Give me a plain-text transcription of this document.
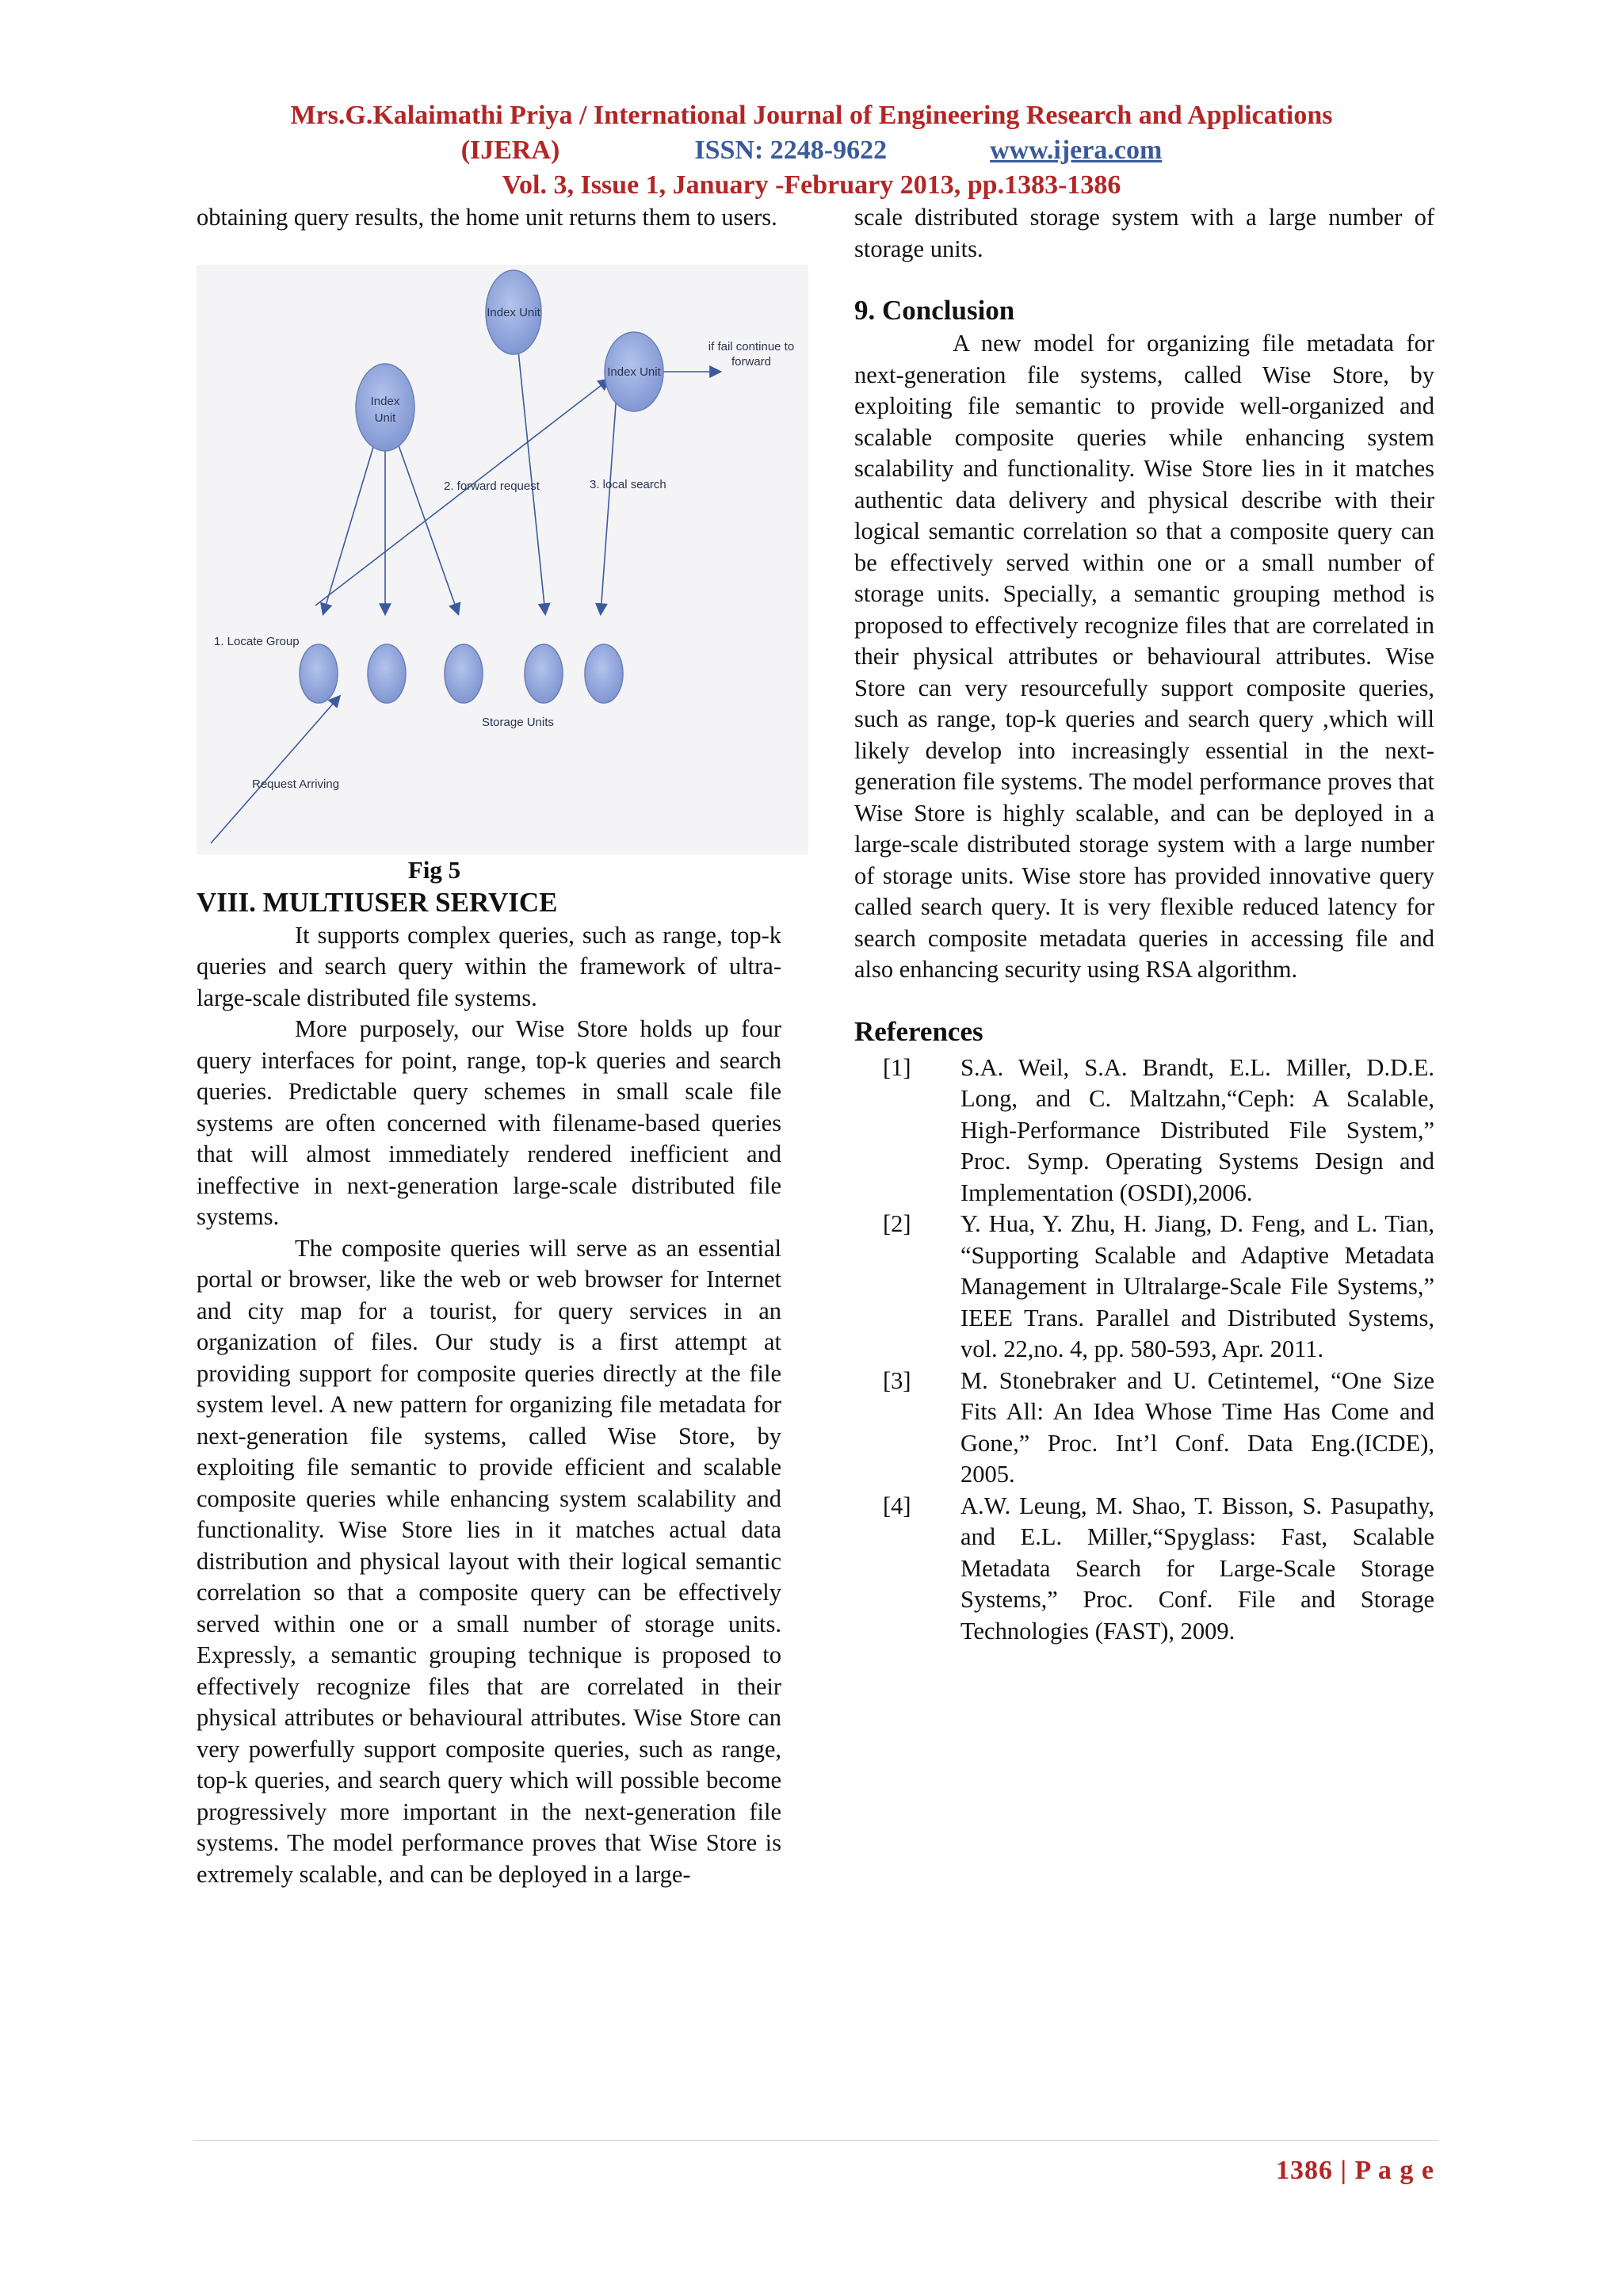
Mrs.G.Kalaimathi Priya / International Journal of Engineering Research and Applications
(IJERA)	ISSN: 2248-9622	www.ijera.com
Vol. 3, Issue 1, January -February 2013, pp.1383-1386

obtaining query results, the home unit returns them to users.

VIII. MULTIUSER SERVICE

It supports complex queries, such as range, top-k queries and search query within the framework of ultra-large-scale distributed file systems.

More purposely, our Wise Store holds up four query interfaces for point, range, top-k queries and search queries. Predictable query schemes in small scale file systems are often concerned with filename-based queries that will almost immediately rendered inefficient and ineffective in next-generation large-scale distributed file systems.

The composite queries will serve as an essential portal or browser, like the web or web browser for Internet and city map for a tourist, for query services in an organization of files. Our study is a first attempt at providing support for composite queries directly at the file system level. A new pattern for organizing file metadata for next-generation file systems, called Wise Store, by exploiting file semantic to provide efficient and scalable composite queries while enhancing system scalability and functionality. Wise Store lies in it matches actual data distribution and physical layout with their logical semantic correlation so that a composite query can be effectively served within one or a small number of storage units. Expressly, a semantic grouping technique is proposed to effectively recognize files that are correlated in their physical attributes or behavioural attributes. Wise Store can very powerfully support composite queries, such as range, top-k queries, and search query which will possible become progressively more important in the next-generation file systems. The model performance proves that Wise Store is extremely scalable, and can be deployed in a large-

Index Unit
Index
Unit
Index Unit
if fail continue to
forward
2. forward request	3. local search
1. Locate Group
Storage Units
Request Arriving
Fig 5

scale distributed storage system with a large number of storage units.

9. Conclusion

A new model for organizing file metadata for next-generation file systems, called Wise Store, by exploiting file semantic to provide well-organized and scalable composite queries while enhancing system scalability and functionality. Wise Store lies in it matches authentic data delivery and physical describe with their logical semantic correlation so that a composite query can be effectively served within one or a small number of storage units. Specially, a semantic grouping method is proposed to effectively recognize files that are correlated in their physical attributes or behavioural attributes. Wise Store can very resourcefully support composite queries, such as range, top-k queries and search query ,which will likely develop into increasingly essential in the next-generation file systems. The model performance proves that Wise Store is highly scalable, and can be deployed in a large-scale distributed storage system with a large number of storage units. Wise store has provided innovative query called search query. It is very flexible reduced latency for search composite metadata queries in accessing file and also enhancing security using RSA algorithm.

References
[1]	S.A. Weil, S.A. Brandt, E.L. Miller, D.D.E. Long, and C. Maltzahn,“Ceph: A Scalable, High-Performance Distributed File System,” Proc. Symp. Operating Systems Design and Implementation (OSDI),2006.
[2]	Y. Hua, Y. Zhu, H. Jiang, D. Feng, and L. Tian, “Supporting Scalable and Adaptive Metadata Management in Ultralarge-Scale File Systems,” IEEE Trans. Parallel and Distributed Systems, vol. 22,no. 4, pp. 580-593, Apr. 2011.
[3]	M. Stonebraker and U. Cetintemel, “One Size Fits All: An Idea Whose Time Has Come and Gone,” Proc. Int’l Conf. Data Eng.(ICDE), 2005.
[4]	A.W. Leung, M. Shao, T. Bisson, S. Pasupathy, and E.L. Miller,“Spyglass: Fast, Scalable Metadata Search for Large-Scale Storage Systems,” Proc. Conf. File and Storage Technologies (FAST), 2009.
1386 | P a g e
